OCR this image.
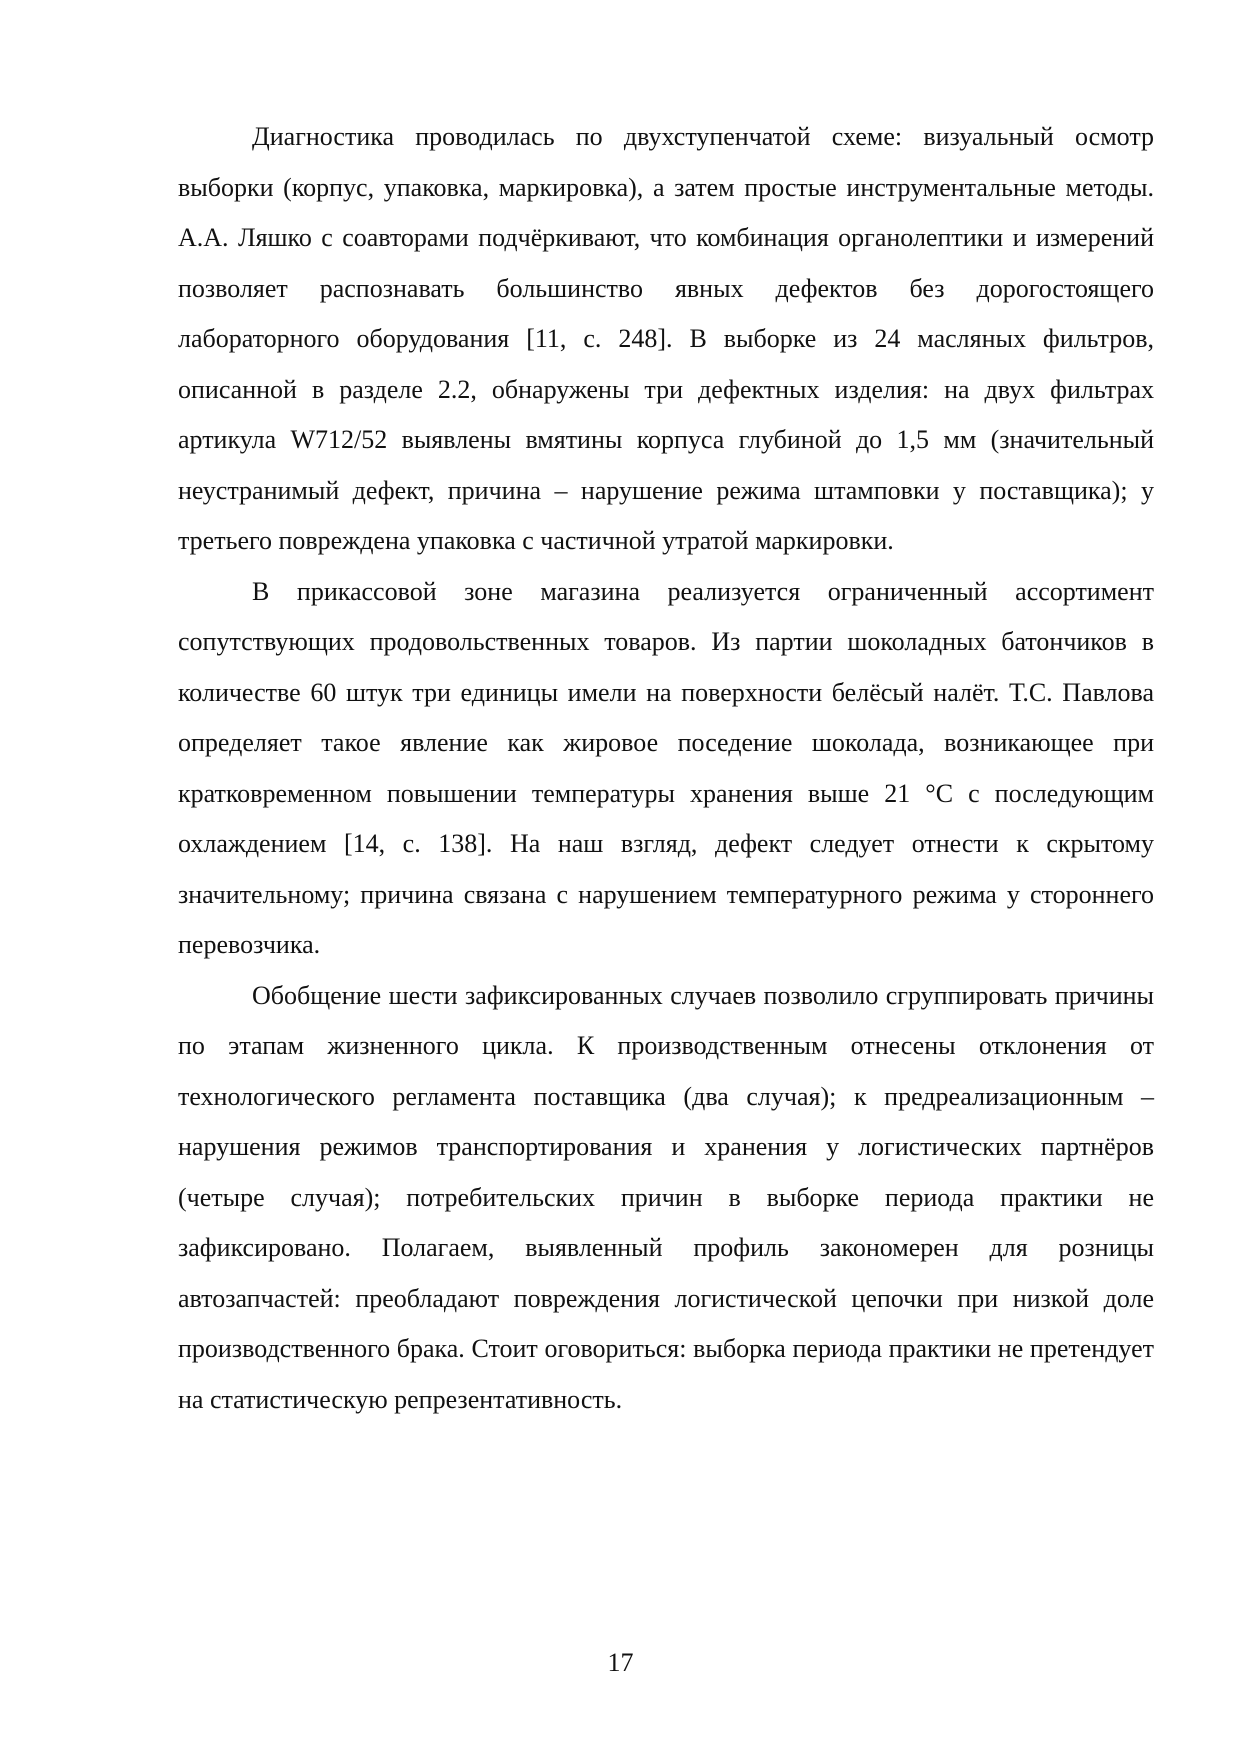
Диагностика проводилась по двухступенчатой схеме: визуальный осмотр выборки (корпус, упаковка, маркировка), а затем простые инструментальные методы. А.А. Ляшко с соавторами подчёркивают, что комбинация органолептики и измерений позволяет распознавать большинство явных дефектов без дорогостоящего лабораторного оборудования [11, с. 248]. В выборке из 24 масляных фильтров, описанной в разделе 2.2, обнаружены три дефектных изделия: на двух фильтрах артикула W712/52 выявлены вмятины корпуса глубиной до 1,5 мм (значительный неустранимый дефект, причина – нарушение режима штамповки у поставщика); у третьего повреждена упаковка с частичной утратой маркировки.

В прикассовой зоне магазина реализуется ограниченный ассортимент сопутствующих продовольственных товаров. Из партии шоколадных батончиков в количестве 60 штук три единицы имели на поверхности белёсый налёт. Т.С. Павлова определяет такое явление как жировое поседение шоколада, возникающее при кратковременном повышении температуры хранения выше 21 °С с последующим охлаждением [14, с. 138]. На наш взгляд, дефект следует отнести к скрытому значительному; причина связана с нарушением температурного режима у стороннего перевозчика.

Обобщение шести зафиксированных случаев позволило сгруппировать причины по этапам жизненного цикла. К производственным отнесены отклонения от технологического регламента поставщика (два случая); к предреализационным – нарушения режимов транспортирования и хранения у логистических партнёров (четыре случая); потребительских причин в выборке периода практики не зафиксировано. Полагаем, выявленный профиль закономерен для розницы автозапчастей: преобладают повреждения логистической цепочки при низкой доле производственного брака. Стоит оговориться: выборка периода практики не претендует на статистическую репрезентативность.

17
